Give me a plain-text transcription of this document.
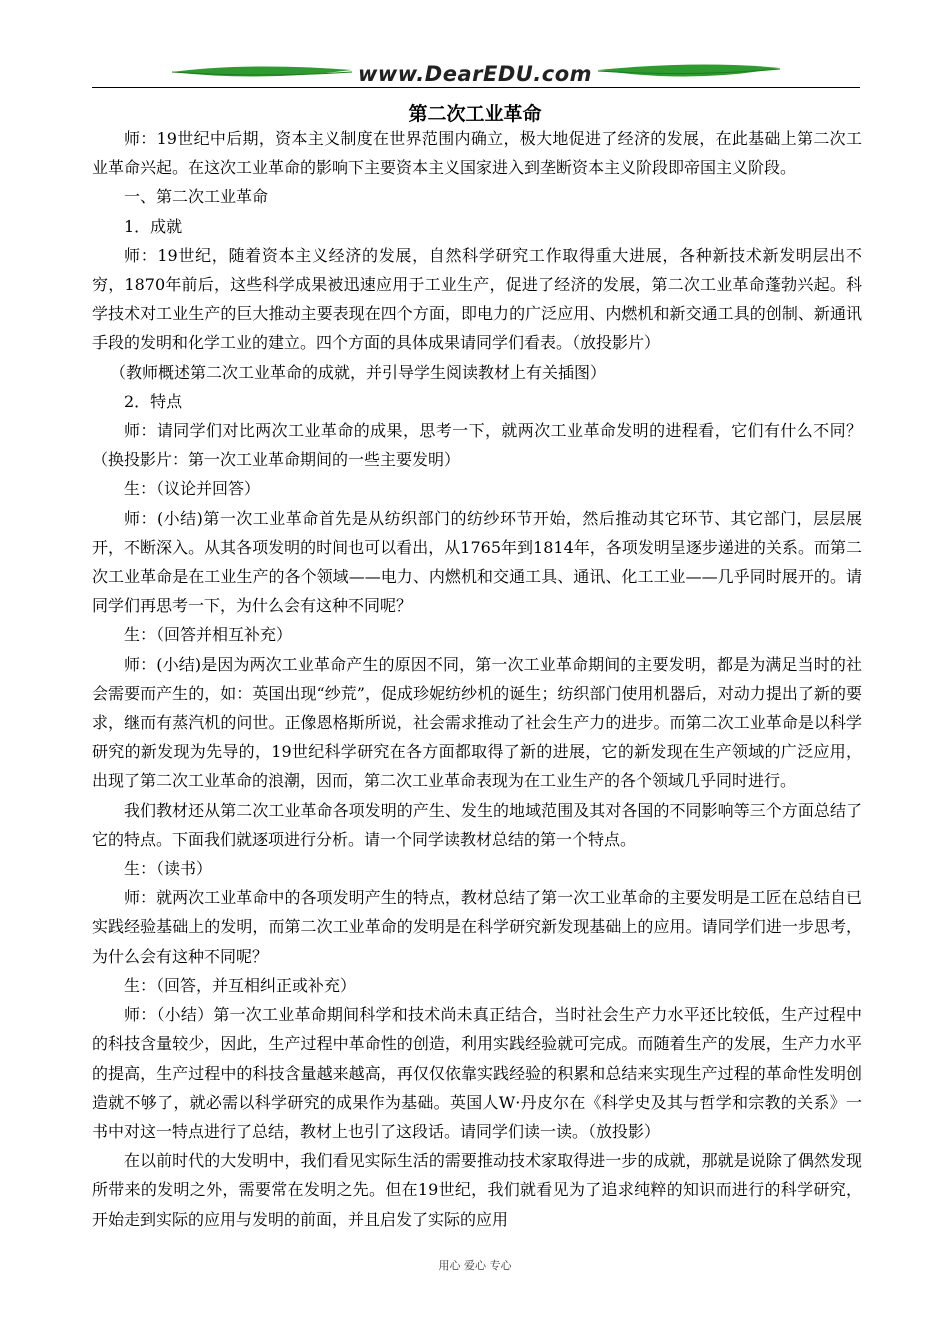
www.DearEDU.com
第二次工业革命

师：19世纪中后期，资本主义制度在世界范围内确立，极大地促进了经济的发展，在此基础上第二次工业革命兴起。在这次工业革命的影响下主要资本主义国家进入到垄断资本主义阶段即帝国主义阶段。

一、第二次工业革命

1．成就

师：19世纪，随着资本主义经济的发展，自然科学研究工作取得重大进展，各种新技术新发明层出不穷，1870年前后，这些科学成果被迅速应用于工业生产，促进了经济的发展，第二次工业革命蓬勃兴起。科学技术对工业生产的巨大推动主要表现在四个方面，即电力的广泛应用、内燃机和新交通工具的创制、新通讯手段的发明和化学工业的建立。四个方面的具体成果请同学们看表。（放投影片）

（教师概述第二次工业革命的成就，并引导学生阅读教材上有关插图）

2．特点

师：请同学们对比两次工业革命的成果，思考一下，就两次工业革命发明的进程看，它们有什么不同？（换投影片：第一次工业革命期间的一些主要发明）

生：（议论并回答）

师：(小结)第一次工业革命首先是从纺织部门的纺纱环节开始，然后推动其它环节、其它部门，层层展开，不断深入。从其各项发明的时间也可以看出，从1765年到1814年，各项发明呈逐步递进的关系。而第二次工业革命是在工业生产的各个领域——电力、内燃机和交通工具、通讯、化工工业——几乎同时展开的。请同学们再思考一下，为什么会有这种不同呢？

生：（回答并相互补充）

师：(小结)是因为两次工业革命产生的原因不同，第一次工业革命期间的主要发明，都是为满足当时的社会需要而产生的，如：英国出现“纱荒”，促成珍妮纺纱机的诞生；纺织部门使用机器后，对动力提出了新的要求，继而有蒸汽机的问世。正像恩格斯所说，社会需求推动了社会生产力的进步。而第二次工业革命是以科学研究的新发现为先导的，19世纪科学研究在各方面都取得了新的进展，它的新发现在生产领域的广泛应用，出现了第二次工业革命的浪潮，因而，第二次工业革命表现为在工业生产的各个领域几乎同时进行。

我们教材还从第二次工业革命各项发明的产生、发生的地域范围及其对各国的不同影响等三个方面总结了它的特点。下面我们就逐项进行分析。请一个同学读教材总结的第一个特点。

生：（读书）

师：就两次工业革命中的各项发明产生的特点，教材总结了第一次工业革命的主要发明是工匠在总结自已实践经验基础上的发明，而第二次工业革命的发明是在科学研究新发现基础上的应用。请同学们进一步思考，为什么会有这种不同呢？

生：（回答，并互相纠正或补充）

师：（小结）第一次工业革命期间科学和技术尚未真正结合，当时社会生产力水平还比较低，生产过程中的科技含量较少，因此，生产过程中革命性的创造，利用实践经验就可完成。而随着生产的发展，生产力水平的提高，生产过程中的科技含量越来越高，再仅仅依靠实践经验的积累和总结来实现生产过程的革命性发明创造就不够了，就必需以科学研究的成果作为基础。英国人W·丹皮尔在《科学史及其与哲学和宗教的关系》一书中对这一特点进行了总结，教材上也引了这段话。请同学们读一读。（放投影）

在以前时代的大发明中，我们看见实际生活的需要推动技术家取得进一步的成就，那就是说除了偶然发现所带来的发明之外，需要常在发明之先。但在19世纪，我们就看见为了追求纯粹的知识而进行的科学研究，开始走到实际的应用与发明的前面，并且启发了实际的应用

用心 爱心 专心
